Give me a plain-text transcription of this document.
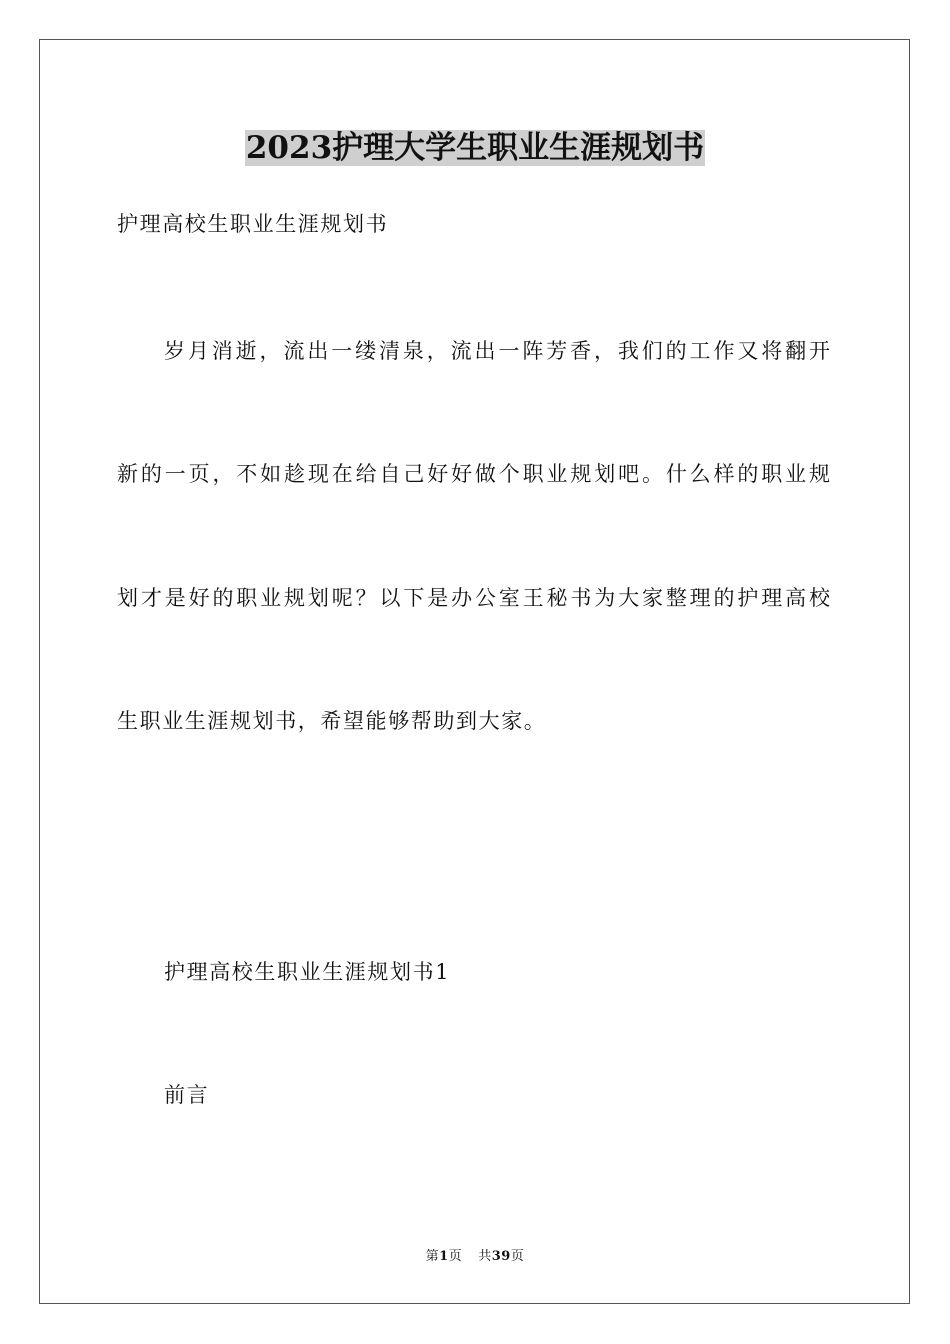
2023护理大学生职业生涯规划书
护理高校生职业生涯规划书
岁月消逝，流出一缕清泉，流出一阵芳香，我们的工作又将翻开
新的一页，不如趁现在给自己好好做个职业规划吧。什么样的职业规
划才是好的职业规划呢？以下是办公室王秘书为大家整理的护理高校
生职业生涯规划书，希望能够帮助到大家。
护理高校生职业生涯规划书1
前言
第1页 共39页
